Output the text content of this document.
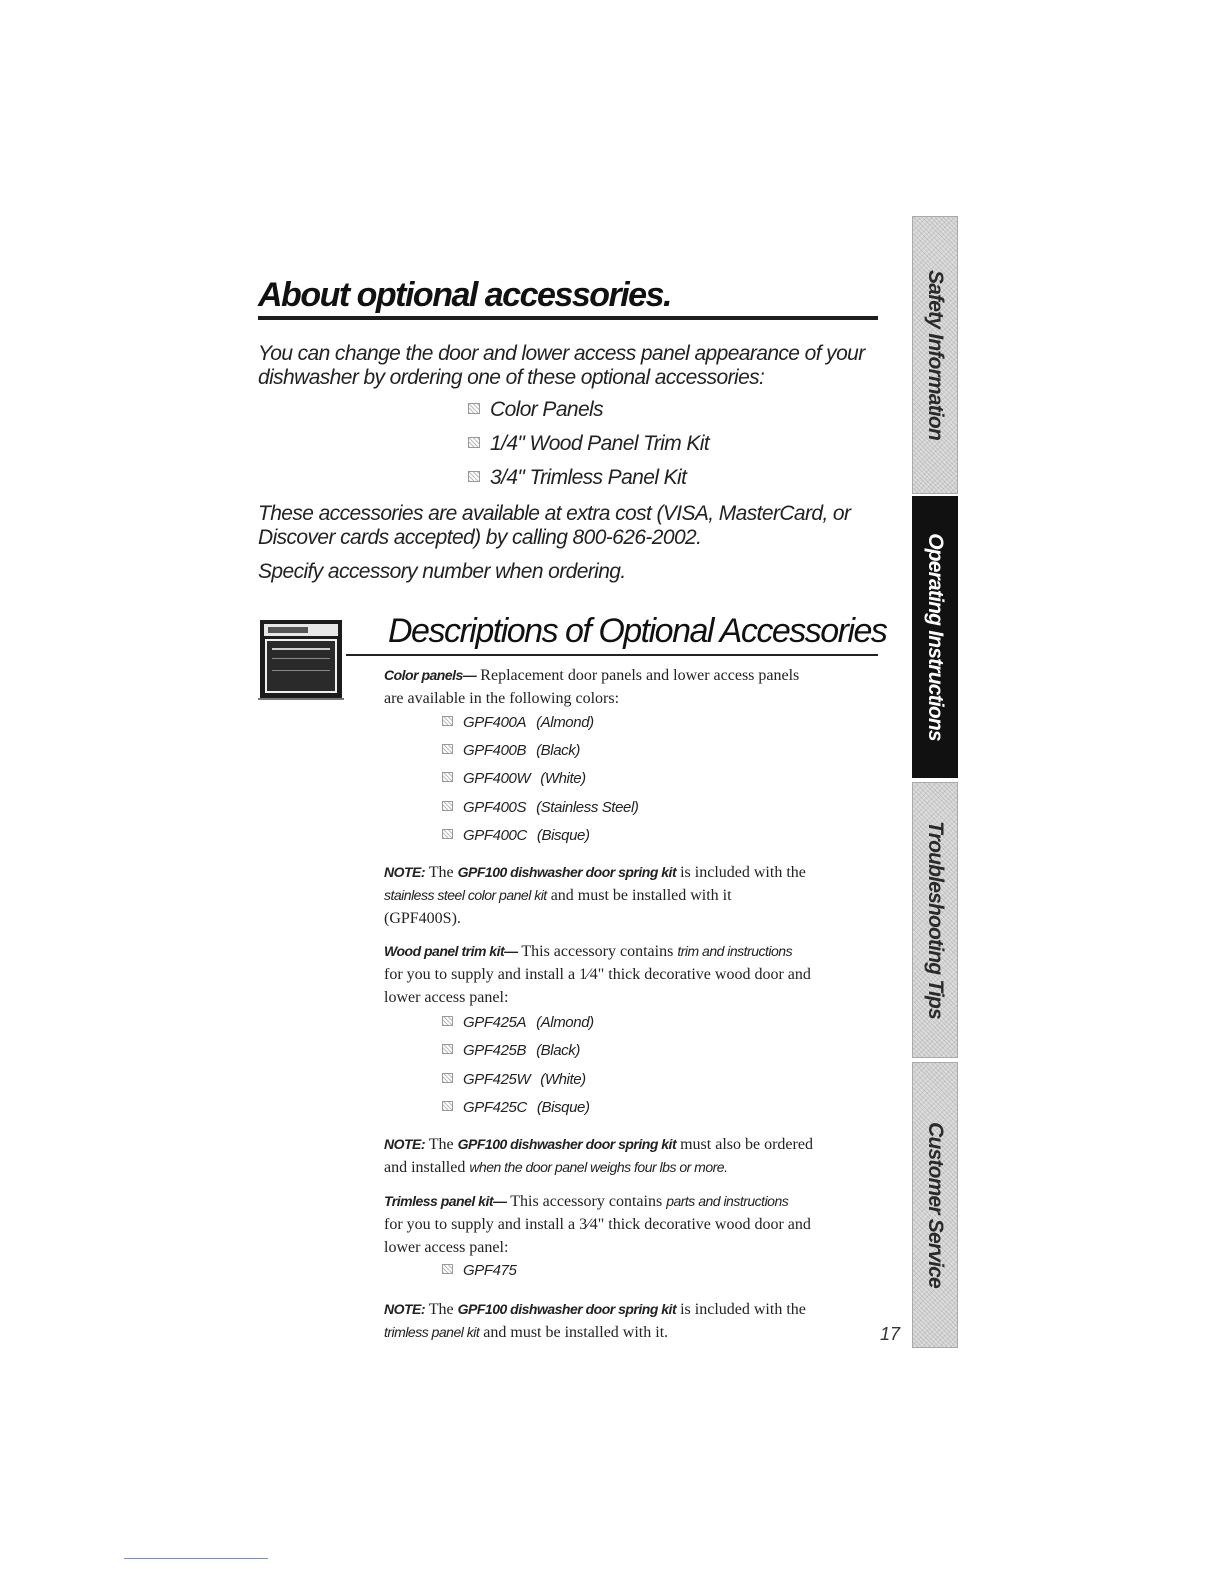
About optional accessories.
You can change the door and lower access panel appearance of your
dishwasher by ordering one of these optional accessories:
Color Panels
1/4" Wood Panel Trim Kit
3/4" Trimless Panel Kit
These accessories are available at extra cost (VISA, MasterCard, or
Discover cards accepted) by calling 800-626-2002.
Specify accessory number when ordering.
Descriptions of Optional Accessories
Color panels— Replacement door panels and lower access panels
are available in the following colors:
GPF400A (Almond)
GPF400B (Black)
GPF400W (White)
GPF400S (Stainless Steel)
GPF400C (Bisque)
NOTE: The GPF100 dishwasher door spring kit is included with the
stainless steel color panel kit and must be installed with it
(GPF400S).
Wood panel trim kit— This accessory contains trim and instructions
for you to supply and install a 1⁄4" thick decorative wood door and
lower access panel:
GPF425A (Almond)
GPF425B (Black)
GPF425W (White)
GPF425C (Bisque)
NOTE: The GPF100 dishwasher door spring kit must also be ordered
and installed when the door panel weighs four lbs or more.
Trimless panel kit— This accessory contains parts and instructions
for you to supply and install a 3⁄4" thick decorative wood door and
lower access panel:
GPF475
NOTE: The GPF100 dishwasher door spring kit is included with the
trimless panel kit and must be installed with it.	17
Safety Information
Operating Instructions
Troubleshooting Tips
Customer Service
